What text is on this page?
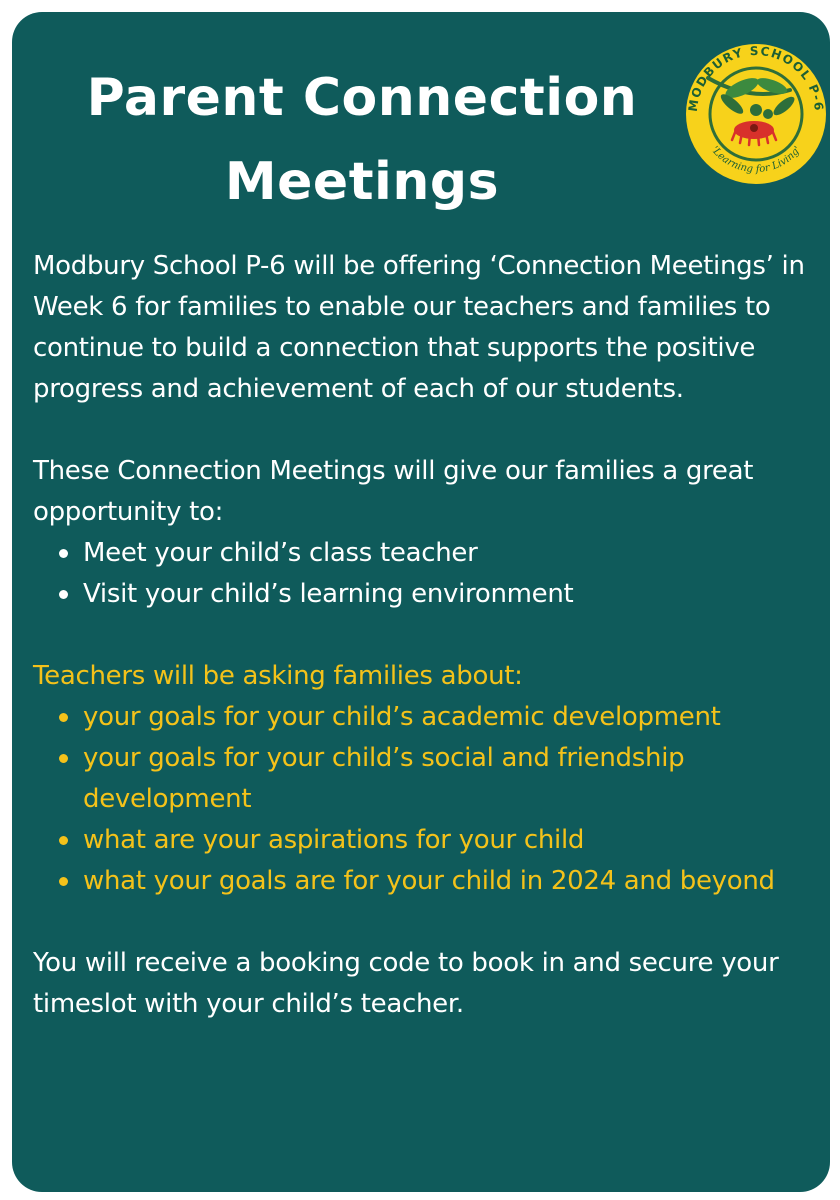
Parent Connection
Meetings
MODBURY SCHOOL P-6
'Learning for Living'

Modbury School P-6 will be offering ‘Connection Meetings’ in Week 6 for families to enable our teachers and families to continue to build a connection that supports the positive progress and achievement of each of our students.

These Connection Meetings will give our families a great opportunity to:

Meet your child’s class teacher
Visit your child’s learning environment

Teachers will be asking families about:

your goals for your child’s academic development
your goals for your child’s social and friendship development
what are your aspirations for your child
what your goals are for your child in 2024 and beyond

You will receive a booking code to book in and secure your timeslot with your child’s teacher.
